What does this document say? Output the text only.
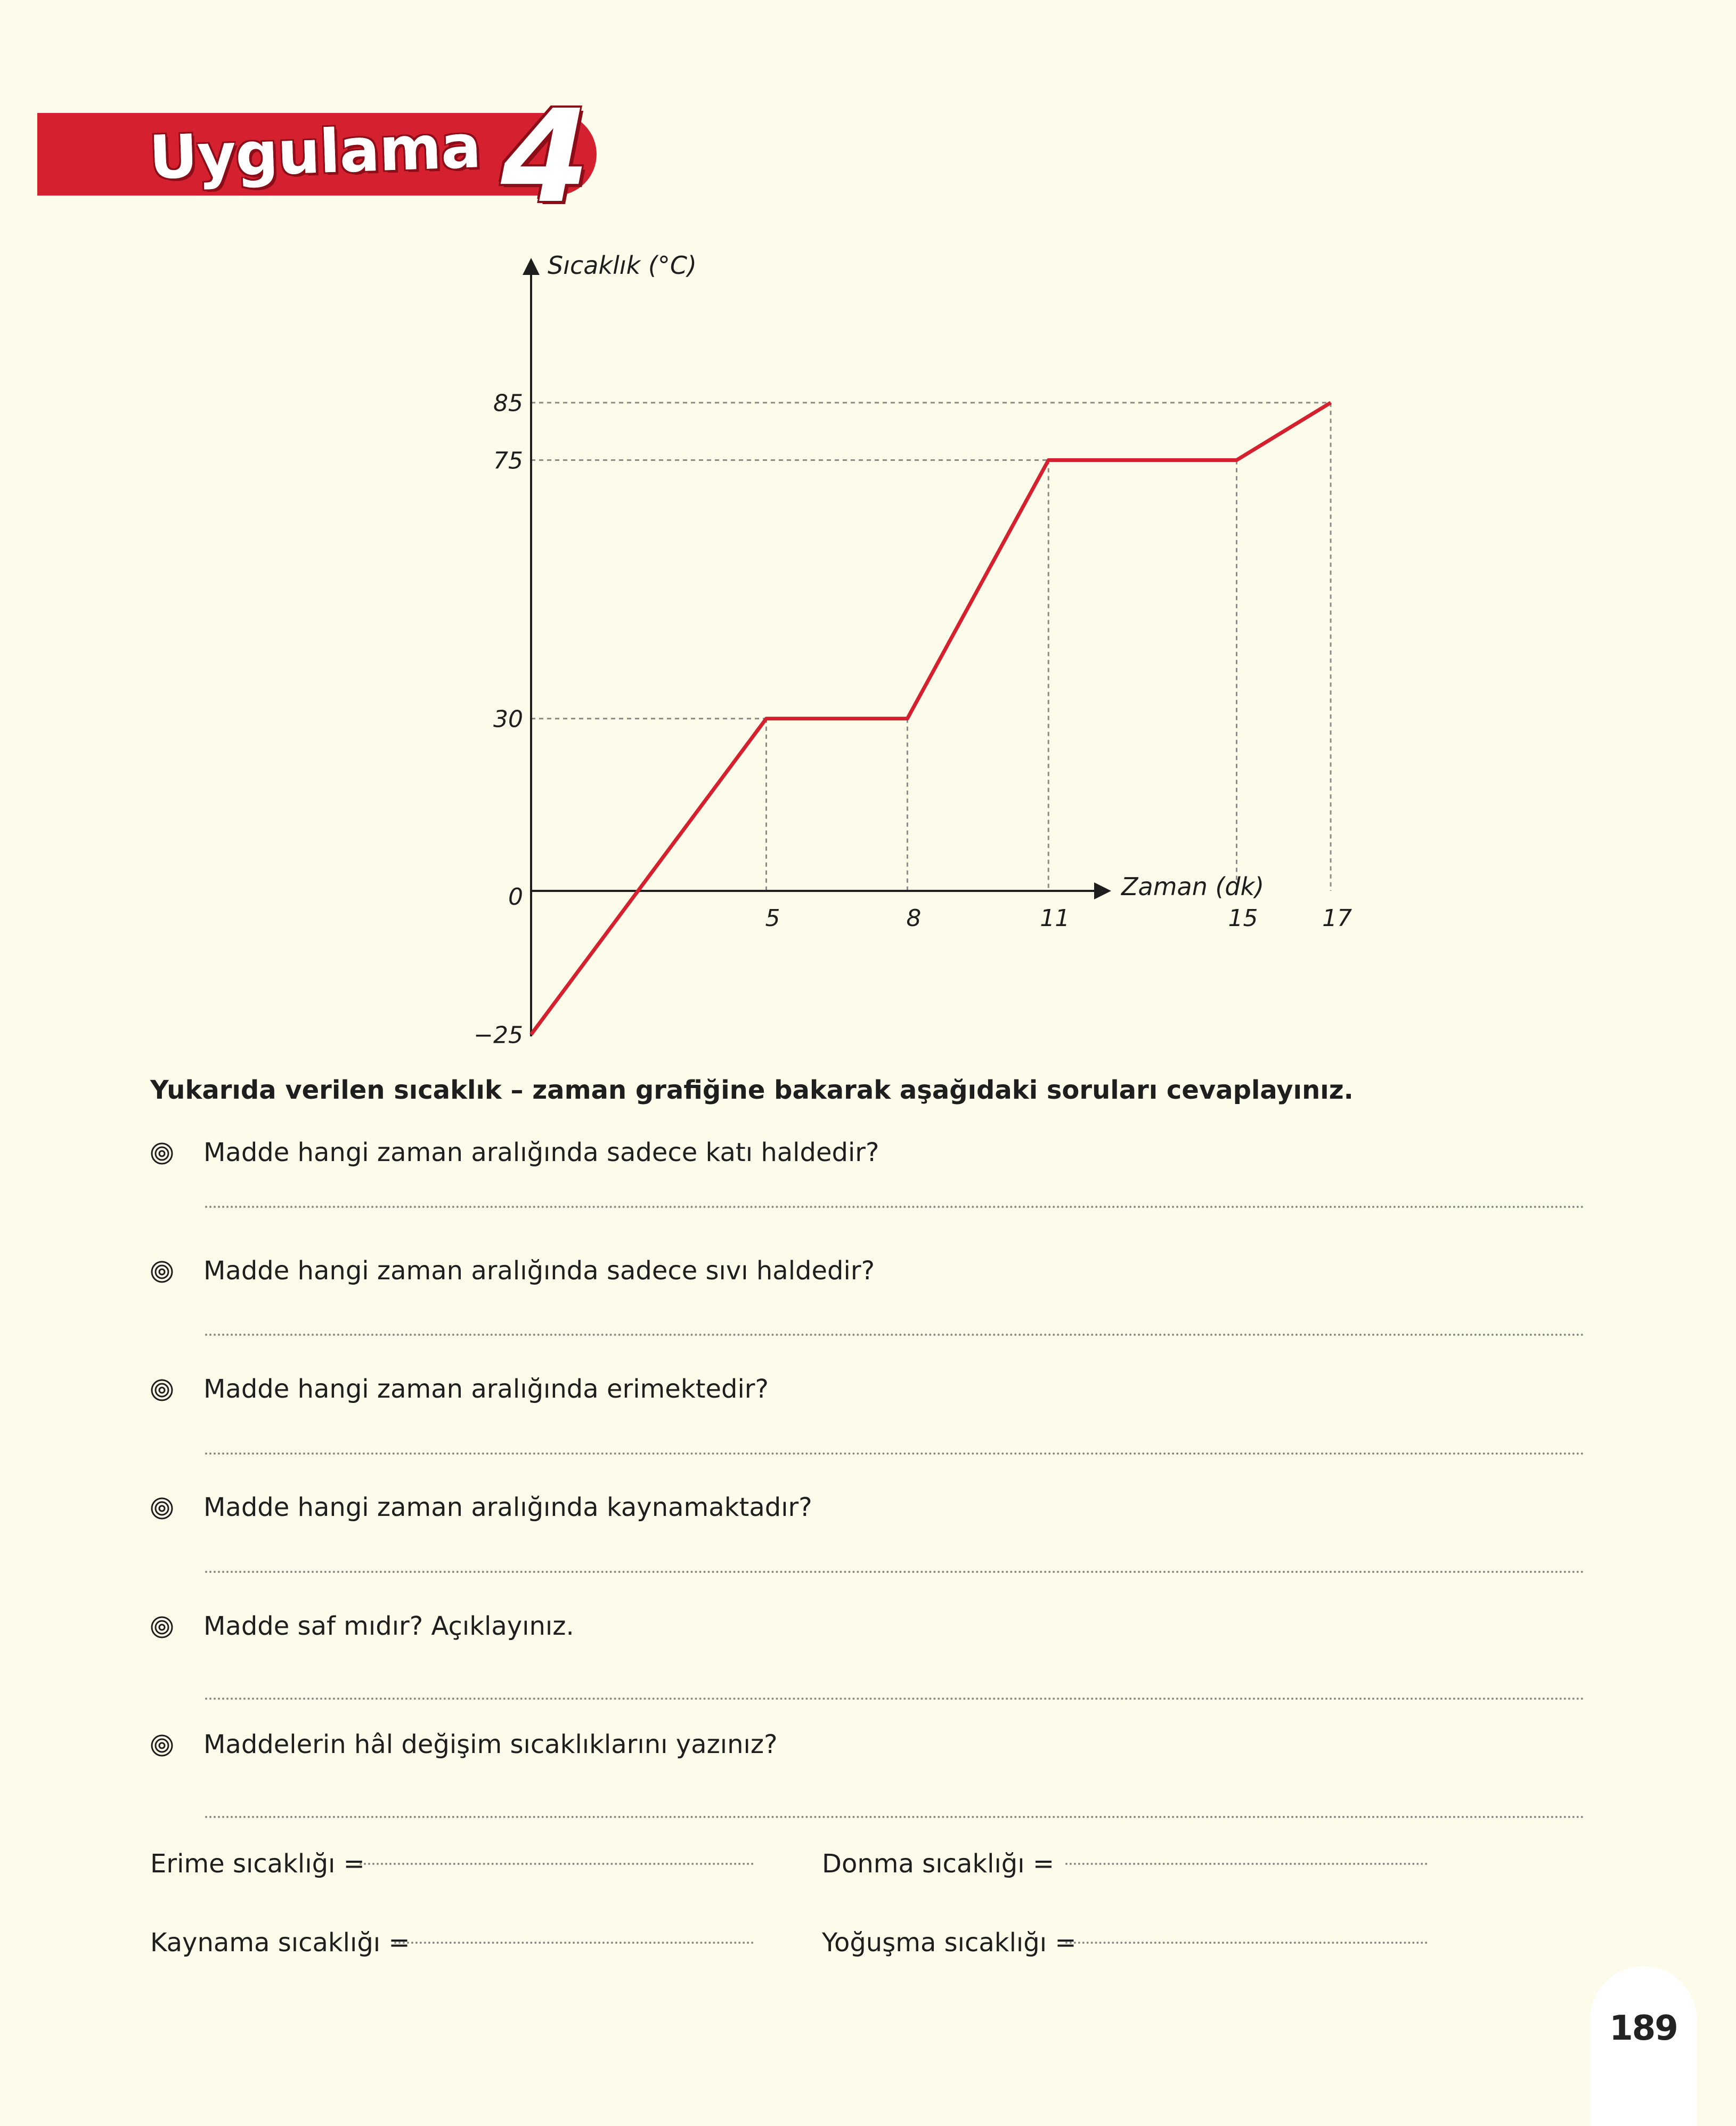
Uygulama 4
Sıcaklık (°C)
Zaman (dk)
0
5	8	11	15	17
85
75
30
−25
Yukarıda verilen sıcaklık – zaman grafiğine bakarak aşağıdaki soruları cevaplayınız.
Madde hangi zaman aralığında sadece katı haldedir?
Madde hangi zaman aralığında sadece sıvı haldedir?
Madde hangi zaman aralığında erimektedir?
Madde hangi zaman aralığında kaynamaktadır?
Madde saf mıdır? Açıklayınız.
Maddelerin hâl değişim sıcaklıklarını yazınız?
Erime sıcaklığı =	Donma sıcaklığı =
Kaynama sıcaklığı =	Yoğuşma sıcaklığı =
189
